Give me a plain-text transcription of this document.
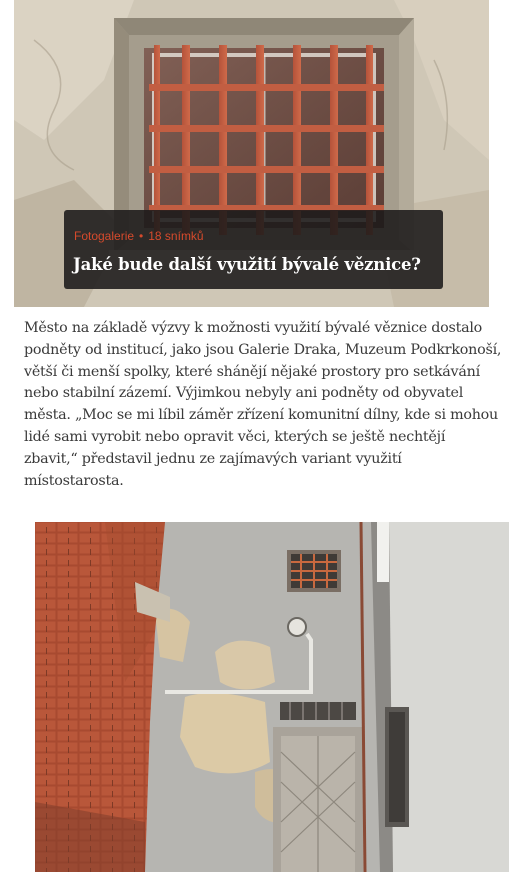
Fotogalerie • 18 snímků
Jaké bude další využití bývalé věznice?

Město na základě výzvy k možnosti využití bývalé věznice dostalo podněty od institucí, jako jsou Galerie Draka, Muzeum Podkrkonoší, větší či menší spolky, které shánějí nějaké prostory pro setkávání nebo stabilní zázemí. Výjimkou nebyly ani podněty od obyvatel města. „Moc se mi líbil záměr zřízení komunitní dílny, kde si mohou lidé sami vyrobit nebo opravit věci, kterých se ještě nechtějí zbavit,“ představil jednu ze zajímavých variant využití místostarosta.
